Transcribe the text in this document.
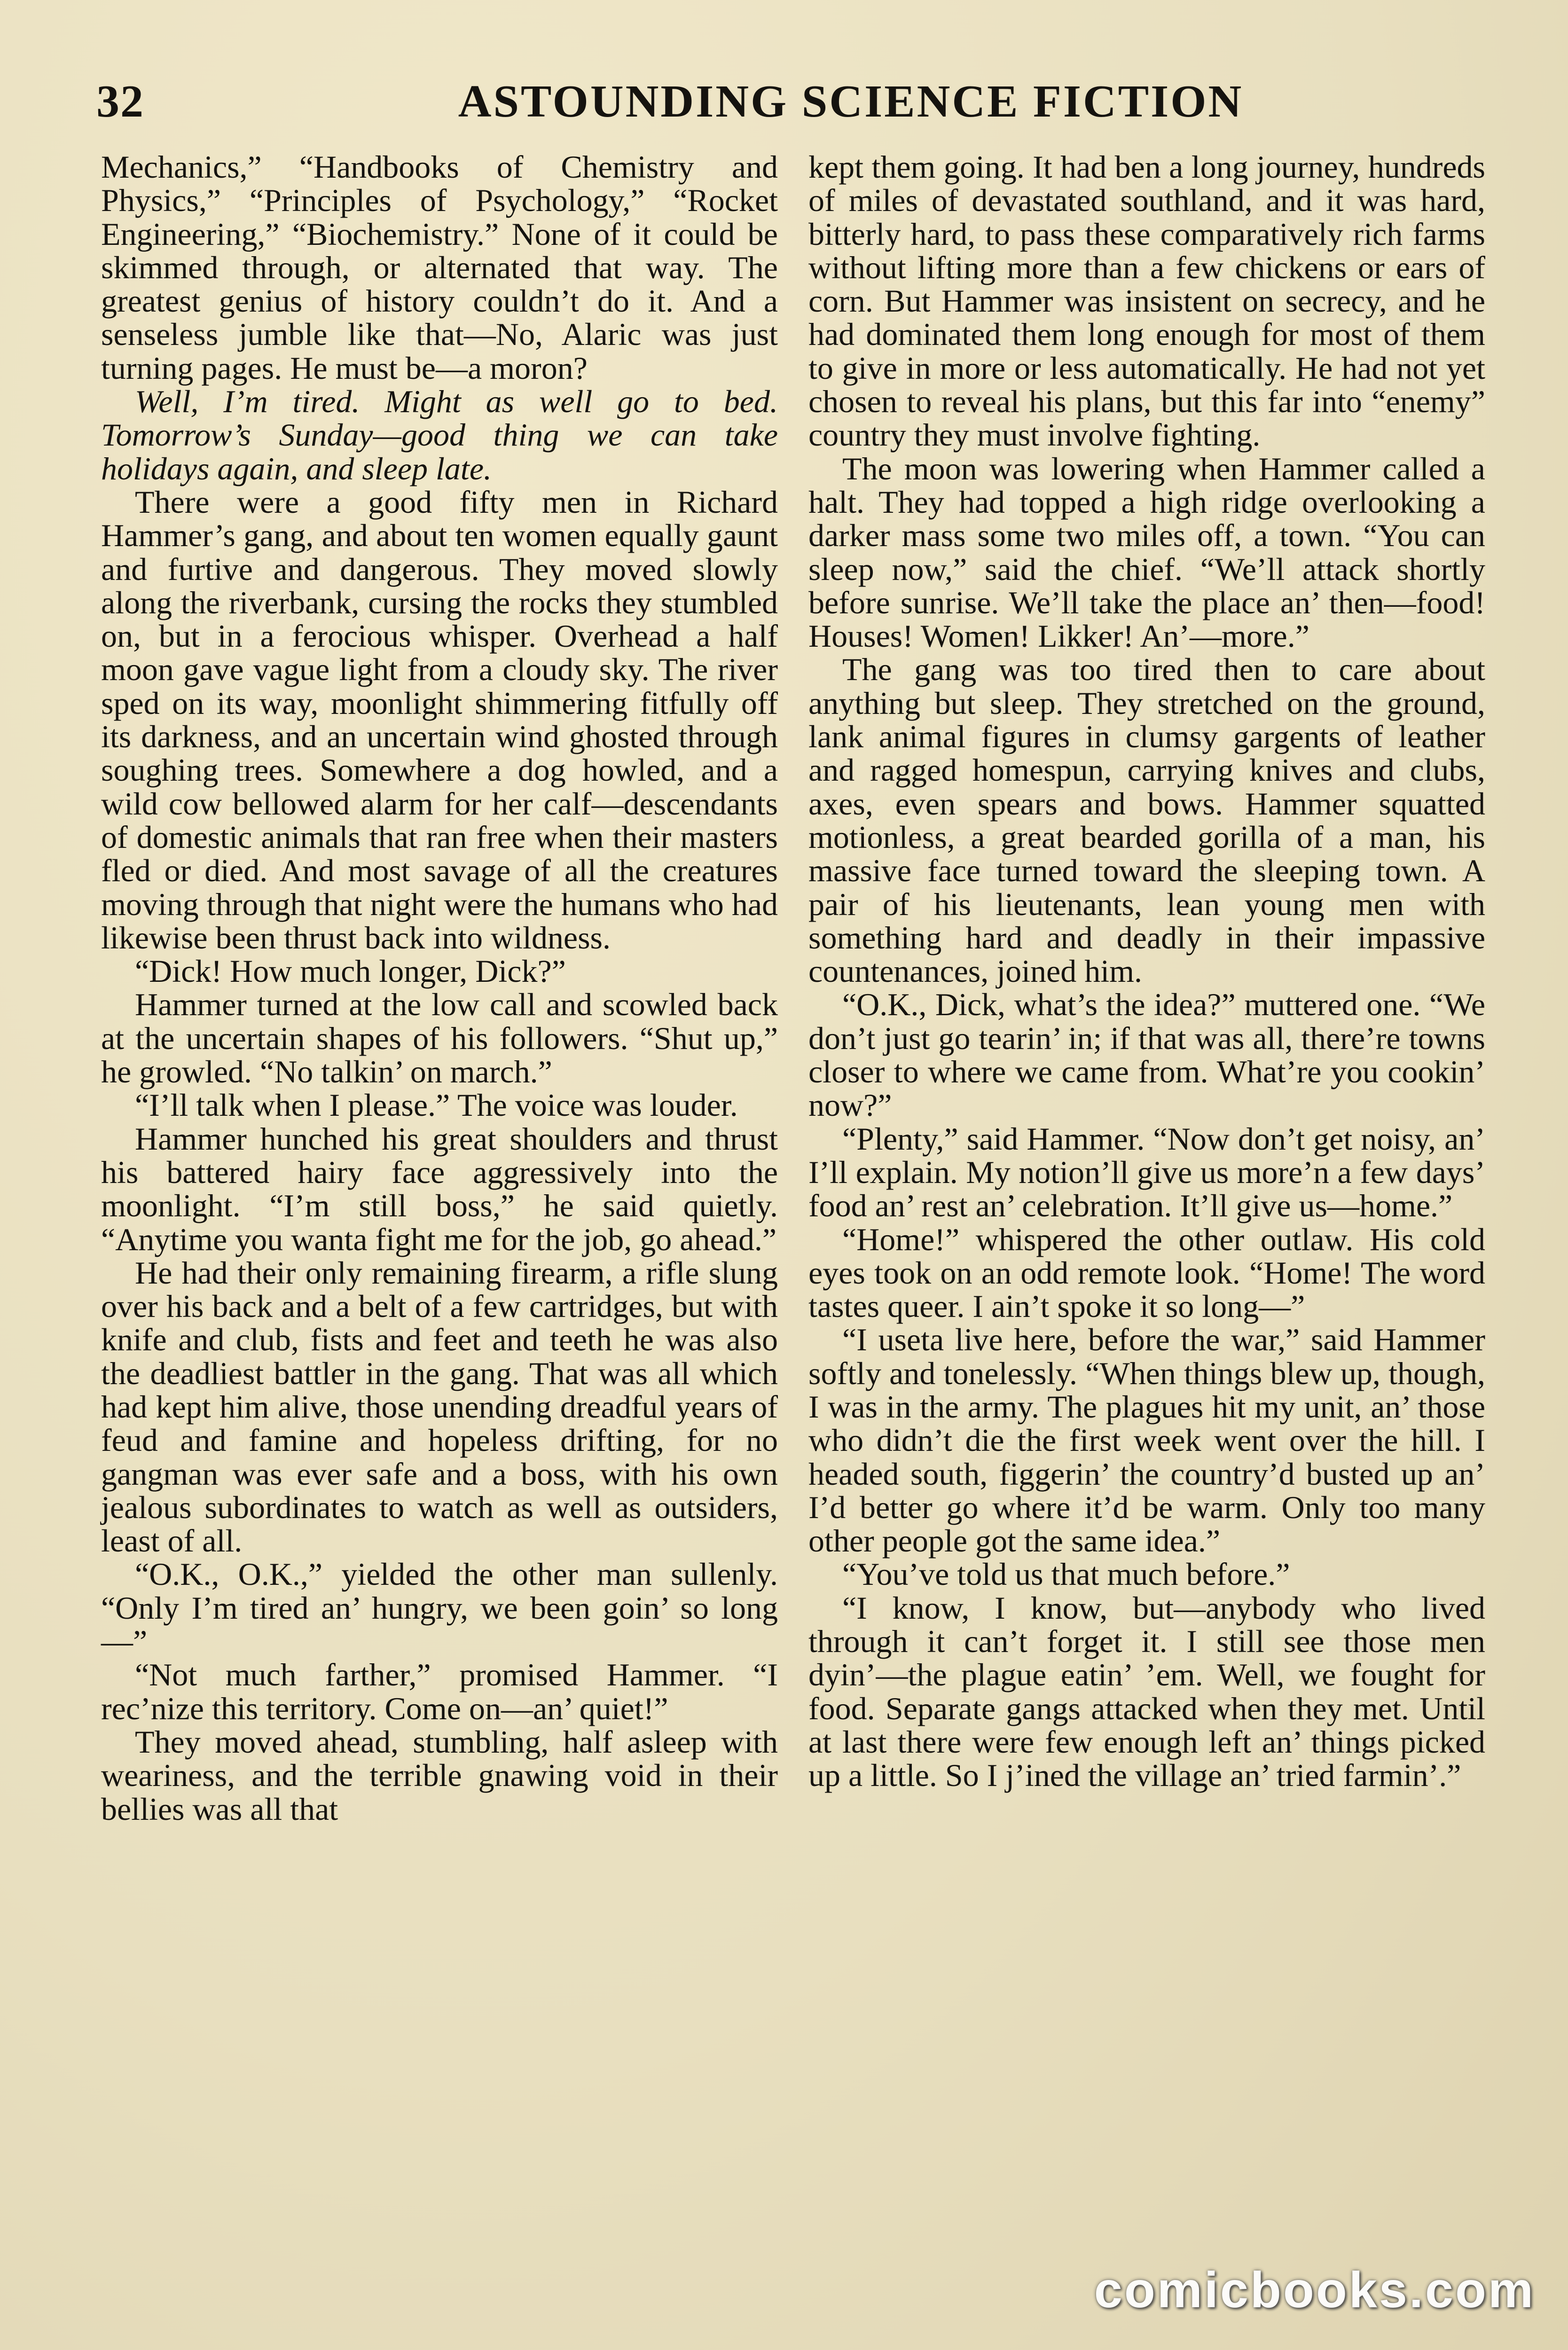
32	ASTOUNDING SCIENCE FICTION

Mechanics,” “Handbooks of Chemistry and Physics,” “Principles of Psychology,” “Rocket Engineering,” “Biochemistry.” None of it could be skimmed through, or alternated that way. The greatest genius of history couldn’t do it. And a senseless jumble like that—No, Alaric was just turning pages. He must be—a moron?

Well, I’m tired. Might as well go to bed. Tomorrow’s Sunday—good thing we can take holidays again, and sleep late.

There were a good fifty men in Richard Hammer’s gang, and about ten women equally gaunt and furtive and dangerous. They moved slowly along the riverbank, cursing the rocks they stumbled on, but in a ferocious whisper. Overhead a half moon gave vague light from a cloudy sky. The river sped on its way, moonlight shimmering fitfully off its darkness, and an uncertain wind ghosted through soughing trees. Somewhere a dog howled, and a wild cow bellowed alarm for her calf—descendants of domestic animals that ran free when their masters fled or died. And most savage of all the creatures moving through that night were the humans who had likewise been thrust back into wildness.

“Dick! How much longer, Dick?”

Hammer turned at the low call and scowled back at the uncertain shapes of his followers. “Shut up,” he growled. “No talkin’ on march.”

“I’ll talk when I please.” The voice was louder.

Hammer hunched his great shoulders and thrust his battered hairy face aggressively into the moonlight. “I’m still boss,” he said quietly. “Anytime you wanta fight me for the job, go ahead.”

He had their only remaining firearm, a rifle slung over his back and a belt of a few cartridges, but with knife and club, fists and feet and teeth he was also the deadliest battler in the gang. That was all which had kept him alive, those unending dreadful years of feud and famine and hopeless drifting, for no gangman was ever safe and a boss, with his own jealous subordinates to watch as well as outsiders, least of all.

“O.K., O.K.,” yielded the other man sullenly. “Only I’m tired an’ hungry, we been goin’ so long—”

“Not much farther,” promised Hammer. “I rec’nize this territory. Come on—an’ quiet!”

They moved ahead, stumbling, half asleep with weariness, and the terrible gnawing void in their bellies was all that

kept them going. It had ben a long journey, hundreds of miles of devastated southland, and it was hard, bitterly hard, to pass these comparatively rich farms without lifting more than a few chickens or ears of corn. But Hammer was insistent on secrecy, and he had dominated them long enough for most of them to give in more or less automatically. He had not yet chosen to reveal his plans, but this far into “enemy” country they must involve fighting.

The moon was lowering when Hammer called a halt. They had topped a high ridge overlooking a darker mass some two miles off, a town. “You can sleep now,” said the chief. “We’ll attack shortly before sunrise. We’ll take the place an’ then—food! Houses! Women! Likker! An’—more.”

The gang was too tired then to care about anything but sleep. They stretched on the ground, lank animal figures in clumsy gargents of leather and ragged homespun, carrying knives and clubs, axes, even spears and bows. Hammer squatted motionless, a great bearded gorilla of a man, his massive face turned toward the sleeping town. A pair of his lieutenants, lean young men with something hard and deadly in their impassive countenances, joined him.

“O.K., Dick, what’s the idea?” muttered one. “We don’t just go tearin’ in; if that was all, there’re towns closer to where we came from. What’re you cookin’ now?”

“Plenty,” said Hammer. “Now don’t get noisy, an’ I’ll explain. My notion’ll give us more’n a few days’ food an’ rest an’ celebration. It’ll give us—home.”

“Home!” whispered the other outlaw. His cold eyes took on an odd remote look. “Home! The word tastes queer. I ain’t spoke it so long—”

“I useta live here, before the war,” said Hammer softly and tonelessly. “When things blew up, though, I was in the army. The plagues hit my unit, an’ those who didn’t die the first week went over the hill. I headed south, figgerin’ the country’d busted up an’ I’d better go where it’d be warm. Only too many other people got the same idea.”

“You’ve told us that much before.”

“I know, I know, but—anybody who lived through it can’t forget it. I still see those men dyin’—the plague eatin’ ’em. Well, we fought for food. Separate gangs attacked when they met. Until at last there were few enough left an’ things picked up a little. So I j’ined the village an’ tried farmin’.”

comicbooks.com
